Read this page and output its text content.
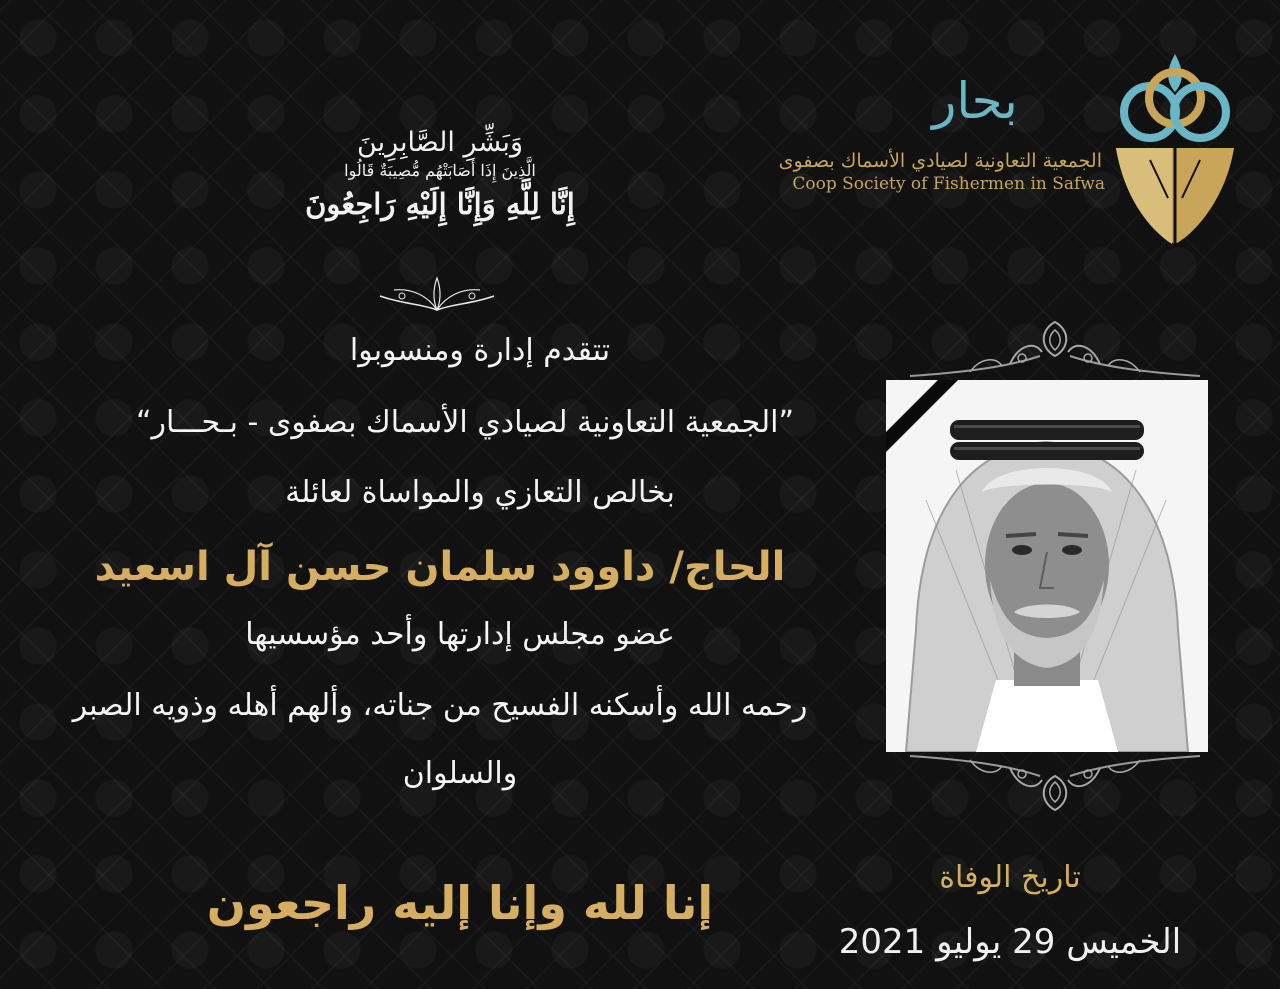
بحار
الجمعية التعاونية لصيادي الأسماك بصفوى
Coop Society of Fishermen in Safwa
وَبَشِّرِ الصَّابِرِينَ
الَّذِينَ إِذَا أَصَابَتْهُم مُّصِيبَةٌ قَالُوا
إِنَّا لِلَّهِ وَإِنَّا إِلَيْهِ رَاجِعُونَ
تتقدم إدارة ومنسوبوا
”الجمعية التعاونية لصيادي الأسماك بصفوى - بـحـــار“
بخالص التعازي والمواساة لعائلة
الحاج/ داوود سلمان حسن آل اسعيد
عضو مجلس إدارتها وأحد مؤسسيها
رحمه الله وأسكنه الفسيح من جناته، وألهم أهله وذويه الصبر
والسلوان
إنا لله وإنا إليه راجعون	تاريخ الوفاة
الخميس 29 يوليو 2021
